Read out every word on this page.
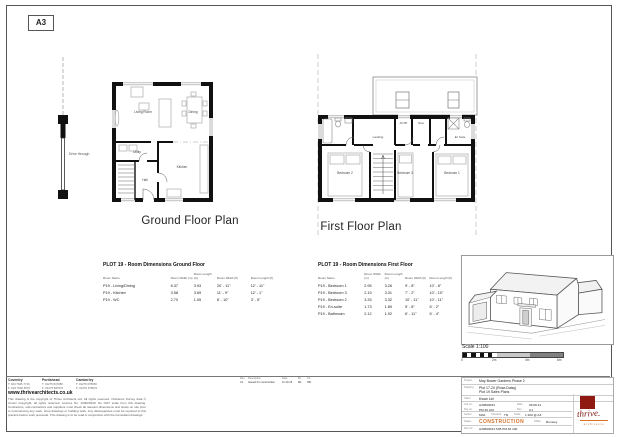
A3
Drive through
Living Room	Dining
Utility
Hall
Kitchen
Ground Floor Plan
Landing
AC/HP	Store
En Suite
Bedroom 2	Bedroom 3	Bedroom 1
First Floor Plan
PLOT 19 - Room Dimensions Ground Floor
Room Name	Room Width (m)	Room Length (m)	Room Width (ft)	Room Length (ft)
P19 - Living/Dining	6.37	3.93	20' - 11"	12' - 11"
P19 - Kitchen	3.58	3.69	11' - 9"	12' - 1"
P19 - WC	2.70	1.05	8' - 10"	3' - 5"
PLOT 19 - Room Dimensions First Floor
Room Name	Room Width (m)	Room Length (m)	Room Width (ft)	Room Length (ft)
P19 - Bedroom 1	2.95	3.26	9' - 8"	10' - 8"
P19 - Bedroom 3	2.19	3.31	7' - 2"	10' - 10"
P19 - Bedroom 2	3.33	3.32	10' - 11"	10' - 11"
P19 - En-suite	1.73	1.89	5' - 8"	6' - 2"
P19 - Bathroom	2.12	1.92	6' - 11"	6' - 4"
Scale 1:100
0	2m	4m	6m
Coventry
T: 024 7646 7716
F: 024 7646 5076
Portishead
T: 01275 847080
F: 01275 847070
Camberley
T: 01276 678050
F: 01276 678070
www.thrivearchitects.co.uk
This drawing is the copyright of Thrive Architects Ltd. All rights reserved. Ordnance Survey data © Crown Copyright, all rights reserved. Licence No. 100020449. Do NOT scale from this drawing. Contractors, sub-contractors and suppliers must check all relevant dimensions and levels on site prior to commencing any work, shop drawings or building work. Any discrepancies must be reported to this practice before work proceeds. This drawing is to be read in conjunction with the Consultant drawings.
Rev	Description	Date	By	Ch
C1	Issued for construction	11.10.16	ML	NB
Project	May Bower Gardens Phase 2
Drawing	Plot 17-20 (Rose-Daisy)
Plot 19 Sales Plans
Client	Kwan Ltd
Job no.	A20890034	Date	09.08.21
Drg no.	PM 46 100	Rev	C1
Author	MAF	Checked TN	Scale	1:100 @ A3
Status	CONSTRUCTION	Office	Romsey
Doc ref	A20890034 TAB PM 46 100
thrive.
architects
